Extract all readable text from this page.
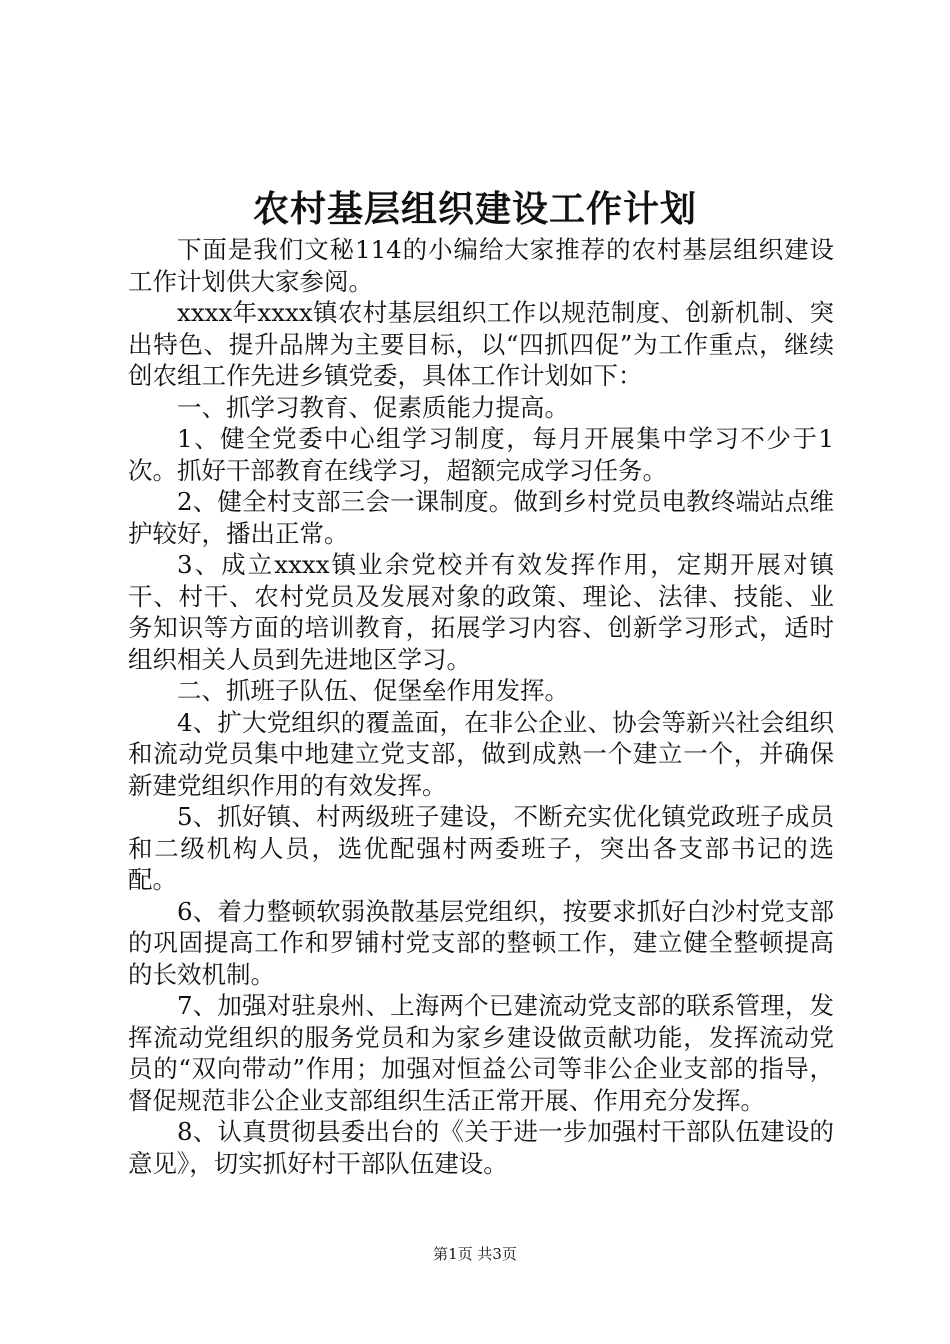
农村基层组织建设工作计划

下面是我们文秘114的小编给大家推荐的农村基层组织建设工作计划供大家参阅。

xxxx年xxxx镇农村基层组织工作以规范制度、创新机制、突出特色、提升品牌为主要目标，以“四抓四促”为工作重点，继续创农组工作先进乡镇党委，具体工作计划如下：

一、抓学习教育、促素质能力提高。

1、健全党委中心组学习制度，每月开展集中学习不少于1次。抓好干部教育在线学习，超额完成学习任务。

2、健全村支部三会一课制度。做到乡村党员电教终端站点维护较好，播出正常。

3、成立xxxx镇业余党校并有效发挥作用，定期开展对镇干、村干、农村党员及发展对象的政策、理论、法律、技能、业务知识等方面的培训教育，拓展学习内容、创新学习形式，适时组织相关人员到先进地区学习。

二、抓班子队伍、促堡垒作用发挥。

4、扩大党组织的覆盖面，在非公企业、协会等新兴社会组织和流动党员集中地建立党支部，做到成熟一个建立一个，并确保新建党组织作用的有效发挥。

5、抓好镇、村两级班子建设，不断充实优化镇党政班子成员和二级机构人员，选优配强村两委班子，突出各支部书记的选配。

6、着力整顿软弱涣散基层党组织，按要求抓好白沙村党支部的巩固提高工作和罗铺村党支部的整顿工作，建立健全整顿提高的长效机制。

7、加强对驻泉州、上海两个已建流动党支部的联系管理，发挥流动党组织的服务党员和为家乡建设做贡献功能，发挥流动党员的“双向带动”作用；加强对恒益公司等非公企业支部的指导，督促规范非公企业支部组织生活正常开展、作用充分发挥。

8、认真贯彻县委出台的《关于进一步加强村干部队伍建设的意见》，切实抓好村干部队伍建设。

第1页 共3页
